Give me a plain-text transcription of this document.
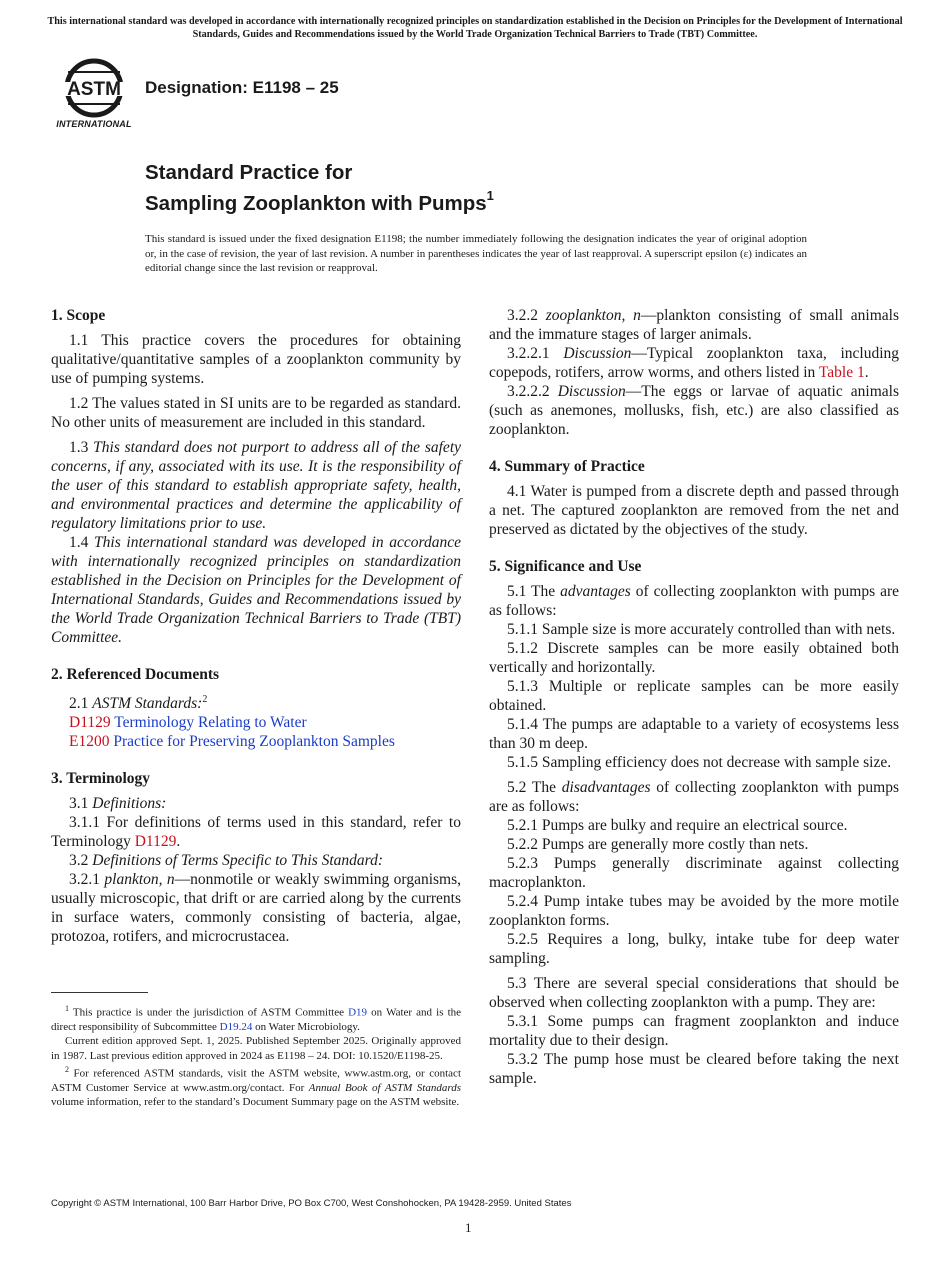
This international standard was developed in accordance with internationally recognized principles on standardization established in the Decision on Principles for the Development of International Standards, Guides and Recommendations issued by the World Trade Organization Technical Barriers to Trade (TBT) Committee.
ASTM
INTERNATIONAL
Designation: E1198 – 25
Standard Practice for
Sampling Zooplankton with Pumps$^1$
This standard is issued under the fixed designation E1198; the number immediately following the designation indicates the year of original adoption or, in the case of revision, the year of last revision. A number in parentheses indicates the year of last reapproval. A superscript epsilon (ε) indicates an editorial change since the last revision or reapproval.
1. Scope

1.1 This practice covers the procedures for obtaining qualitative/quantitative samples of a zooplankton community by use of pumping systems.

1.2 The values stated in SI units are to be regarded as standard. No other units of measurement are included in this standard.

1.3 This standard does not purport to address all of the safety concerns, if any, associated with its use. It is the responsibility of the user of this standard to establish appropriate safety, health, and environmental practices and determine the applicability of regulatory limitations prior to use.

1.4 This international standard was developed in accordance with internationally recognized principles on standardization established in the Decision on Principles for the Development of International Standards, Guides and Recommendations issued by the World Trade Organization Technical Barriers to Trade (TBT) Committee.

2. Referenced Documents

2.1 ASTM Standards:$^2$

D1129 Terminology Relating to Water

E1200 Practice for Preserving Zooplankton Samples

3. Terminology

3.1 Definitions:

3.1.1 For definitions of terms used in this standard, refer to Terminology D1129.

3.2 Definitions of Terms Specific to This Standard:

3.2.1 plankton, n—nonmotile or weakly swimming organisms, usually microscopic, that drift or are carried along by the currents in surface waters, commonly consisting of bacteria, algae, protozoa, rotifers, and microcrustacea.

3.2.2 zooplankton, n—plankton consisting of small animals and the immature stages of larger animals.

3.2.2.1 Discussion—Typical zooplankton taxa, including copepods, rotifers, arrow worms, and others listed in Table 1.

3.2.2.2 Discussion—The eggs or larvae of aquatic animals (such as anemones, mollusks, fish, etc.) are also classified as zooplankton.

4. Summary of Practice

4.1 Water is pumped from a discrete depth and passed through a net. The captured zooplankton are removed from the net and preserved as dictated by the objectives of the study.

5. Significance and Use

5.1 The advantages of collecting zooplankton with pumps are as follows:

5.1.1 Sample size is more accurately controlled than with nets.

5.1.2 Discrete samples can be more easily obtained both vertically and horizontally.

5.1.3 Multiple or replicate samples can be more easily obtained.

5.1.4 The pumps are adaptable to a variety of ecosystems less than 30 m deep.

5.1.5 Sampling efficiency does not decrease with sample size.

5.2 The disadvantages of collecting zooplankton with pumps are as follows:

5.2.1 Pumps are bulky and require an electrical source.

5.2.2 Pumps are generally more costly than nets.

5.2.3 Pumps generally discriminate against collecting macroplankton.

5.2.4 Pump intake tubes may be avoided by the more motile zooplankton forms.

5.2.5 Requires a long, bulky, intake tube for deep water sampling.

5.3 There are several special considerations that should be observed when collecting zooplankton with a pump. They are:

5.3.1 Some pumps can fragment zooplankton and induce mortality due to their design.

5.3.2 The pump hose must be cleared before taking the next sample.

$^1$ This practice is under the jurisdiction of ASTM Committee D19 on Water and is the direct responsibility of Subcommittee D19.24 on Water Microbiology.

Current edition approved Sept. 1, 2025. Published September 2025. Originally approved in 1987. Last previous edition approved in 2024 as E1198 – 24. DOI: 10.1520/E1198-25.

$^2$ For referenced ASTM standards, visit the ASTM website, www.astm.org, or contact ASTM Customer Service at www.astm.org/contact. For Annual Book of ASTM Standards volume information, refer to the standard’s Document Summary page on the ASTM website.

Copyright © ASTM International, 100 Barr Harbor Drive, PO Box C700, West Conshohocken, PA 19428-2959. United States
1
